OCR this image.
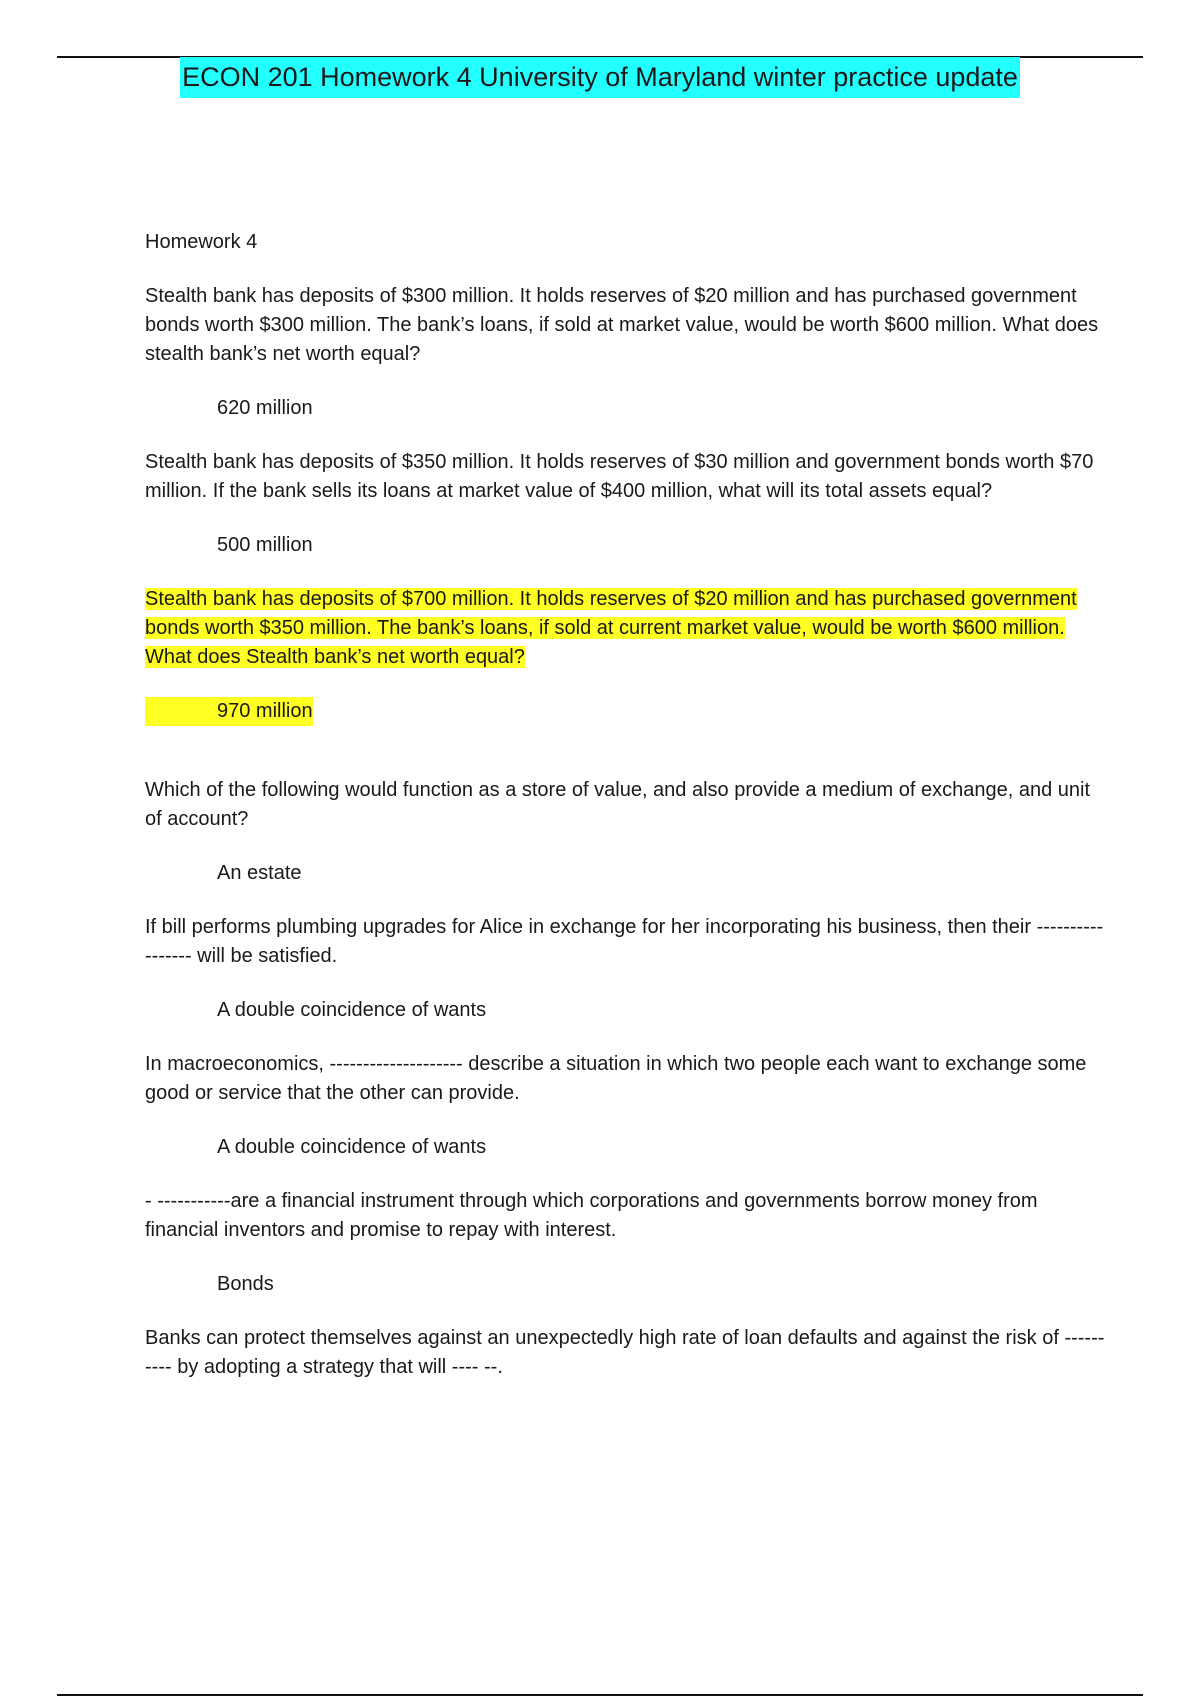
ECON 201 Homework 4 University of Maryland winter practice update

Homework 4

Stealth bank has deposits of $300 million. It holds reserves of $20 million and has purchased government bonds worth $300 million. The bank’s loans, if sold at market value, would be worth $600 million. What does stealth bank’s net worth equal?

620 million

Stealth bank has deposits of $350 million. It holds reserves of $30 million and government bonds worth $70 million. If the bank sells its loans at market value of $400 million, what will its total assets equal?

500 million

Stealth bank has deposits of $700 million. It holds reserves of $20 million and has purchased government bonds worth $350 million. The bank’s loans, if sold at current market value, would be worth $600 million. What does Stealth bank’s net worth equal?

970 million

Which of the following would function as a store of value, and also provide a medium of exchange, and unit of account?

An estate

If bill performs plumbing upgrades for Alice in exchange for her incorporating his business, then their ----------------- will be satisfied.

A double coincidence of wants

In macroeconomics, -------------------- describe a situation in which two people each want to exchange some good or service that the other can provide.

A double coincidence of wants

- -----------are a financial instrument through which corporations and governments borrow money from financial inventors and promise to repay with interest.

Bonds

Banks can protect themselves against an unexpectedly high rate of loan defaults and against the risk of ---------- by adopting a strategy that will ---- --.
